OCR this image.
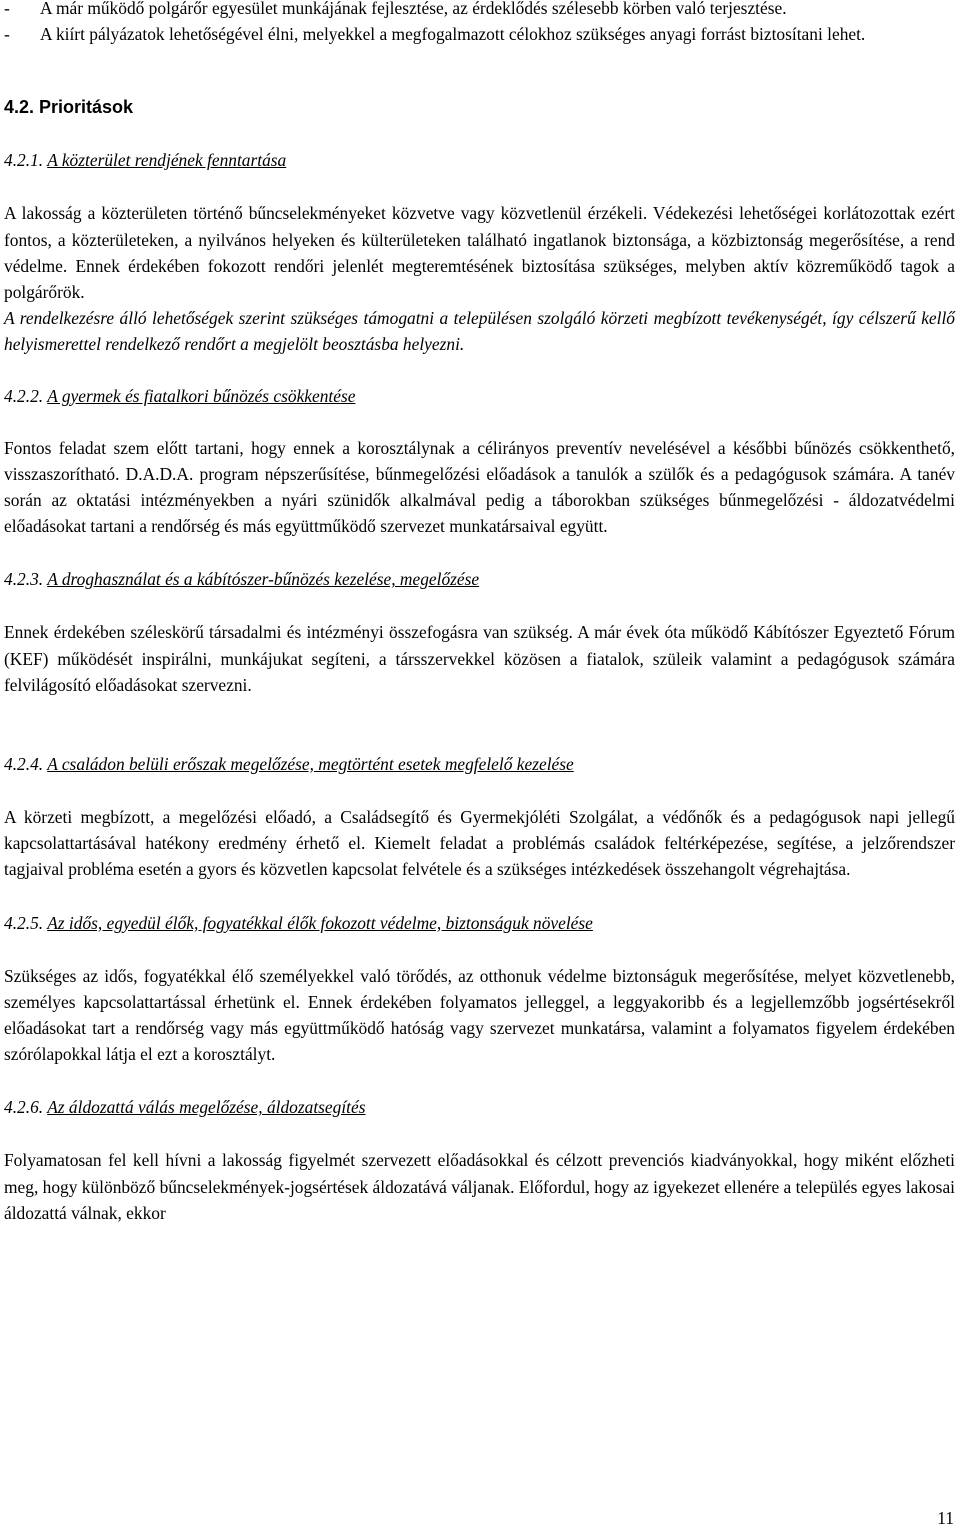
- A már működő polgárőr egyesület munkájának fejlesztése, az érdeklődés szélesebb körben való terjesztése.
- A kiírt pályázatok lehetőségével élni, melyekkel a megfogalmazott célokhoz szükséges anyagi forrást biztosítani lehet.
4.2. Prioritások
4.2.1. A közterület rendjének fenntartása

A lakosság a közterületen történő bűncselekményeket közvetve vagy közvetlenül érzékeli. Védekezési lehetőségei korlátozottak ezért fontos, a közterületeken, a nyilvános helyeken és külterületeken található ingatlanok biztonsága, a közbiztonság megerősítése, a rend védelme. Ennek érdekében fokozott rendőri jelenlét megteremtésének biztosítása szükséges, melyben aktív közreműködő tagok a polgárőrök.

A rendelkezésre álló lehetőségek szerint szükséges támogatni a településen szolgáló körzeti megbízott tevékenységét, így célszerű kellő helyismerettel rendelkező rendőrt a megjelölt beosztásba helyezni.

4.2.2. A gyermek és fiatalkori bűnözés csökkentése

Fontos feladat szem előtt tartani, hogy ennek a korosztálynak a célirányos preventív nevelésével a későbbi bűnözés csökkenthető, visszaszorítható. D.A.D.A. program népszerűsítése, bűnmegelőzési előadások a tanulók a szülők és a pedagógusok számára. A tanév során az oktatási intézményekben a nyári szünidők alkalmával pedig a táborokban szükséges bűnmegelőzési - áldozatvédelmi előadásokat tartani a rendőrség és más együttműködő szervezet munkatársaival együtt.

4.2.3. A droghasználat és a kábítószer-bűnözés kezelése, megelőzése

Ennek érdekében széleskörű társadalmi és intézményi összefogásra van szükség. A már évek óta működő Kábítószer Egyeztető Fórum (KEF) működését inspirálni, munkájukat segíteni, a társszervekkel közösen a fiatalok, szüleik valamint a pedagógusok számára felvilágosító előadásokat szervezni.

4.2.4. A családon belüli erőszak megelőzése, megtörtént esetek megfelelő kezelése

A körzeti megbízott, a megelőzési előadó, a Családsegítő és Gyermekjóléti Szolgálat, a védőnők és a pedagógusok napi jellegű kapcsolattartásával hatékony eredmény érhető el. Kiemelt feladat a problémás családok feltérképezése, segítése, a jelzőrendszer tagjaival probléma esetén a gyors és közvetlen kapcsolat felvétele és a szükséges intézkedések összehangolt végrehajtása.

4.2.5. Az idős, egyedül élők, fogyatékkal élők fokozott védelme, biztonságuk növelése

Szükséges az idős, fogyatékkal élő személyekkel való törődés, az otthonuk védelme biztonságuk megerősítése, melyet közvetlenebb, személyes kapcsolattartással érhetünk el. Ennek érdekében folyamatos jelleggel, a leggyakoribb és a legjellemzőbb jogsértésekről előadásokat tart a rendőrség vagy más együttműködő hatóság vagy szervezet munkatársa, valamint a folyamatos figyelem érdekében szórólapokkal látja el ezt a korosztályt.

4.2.6. Az áldozattá válás megelőzése, áldozatsegítés

Folyamatosan fel kell hívni a lakosság figyelmét szervezett előadásokkal és célzott prevenciós kiadványokkal, hogy miként előzheti meg, hogy különböző bűncselekmények-jogsértések áldozatává váljanak. Előfordul, hogy az igyekezet ellenére a település egyes lakosai áldozattá válnak, ekkor

11
